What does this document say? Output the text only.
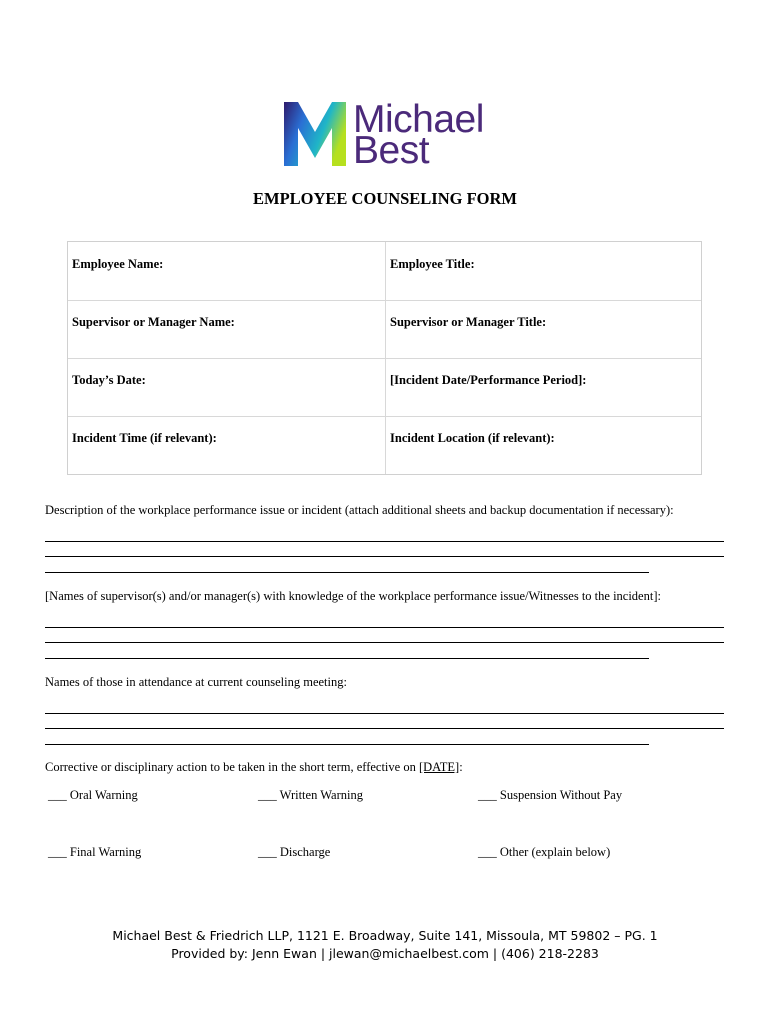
Michael
Best
EMPLOYEE COUNSELING FORM
Employee Name:	Employee Title:
Supervisor or Manager Name:	Supervisor or Manager Title:
Today’s Date:	[Incident Date/Performance Period]:
Incident Time (if relevant):	Incident Location (if relevant):
Description of the workplace performance issue or incident (attach additional sheets and backup documentation if necessary):
[Names of supervisor(s) and/or manager(s) with knowledge of the workplace performance issue/Witnesses to the incident]:
Names of those in attendance at current counseling meeting:
Corrective or disciplinary action to be taken in the short term, effective on [DATE]:
___ Oral Warning	___ Written Warning	___ Suspension Without Pay
___ Final Warning	___ Discharge	___ Other (explain below)
Michael Best & Friedrich LLP, 1121 E. Broadway, Suite 141, Missoula, MT 59802 – PG. 1
Provided by: Jenn Ewan | jlewan@michaelbest.com | (406) 218-2283
